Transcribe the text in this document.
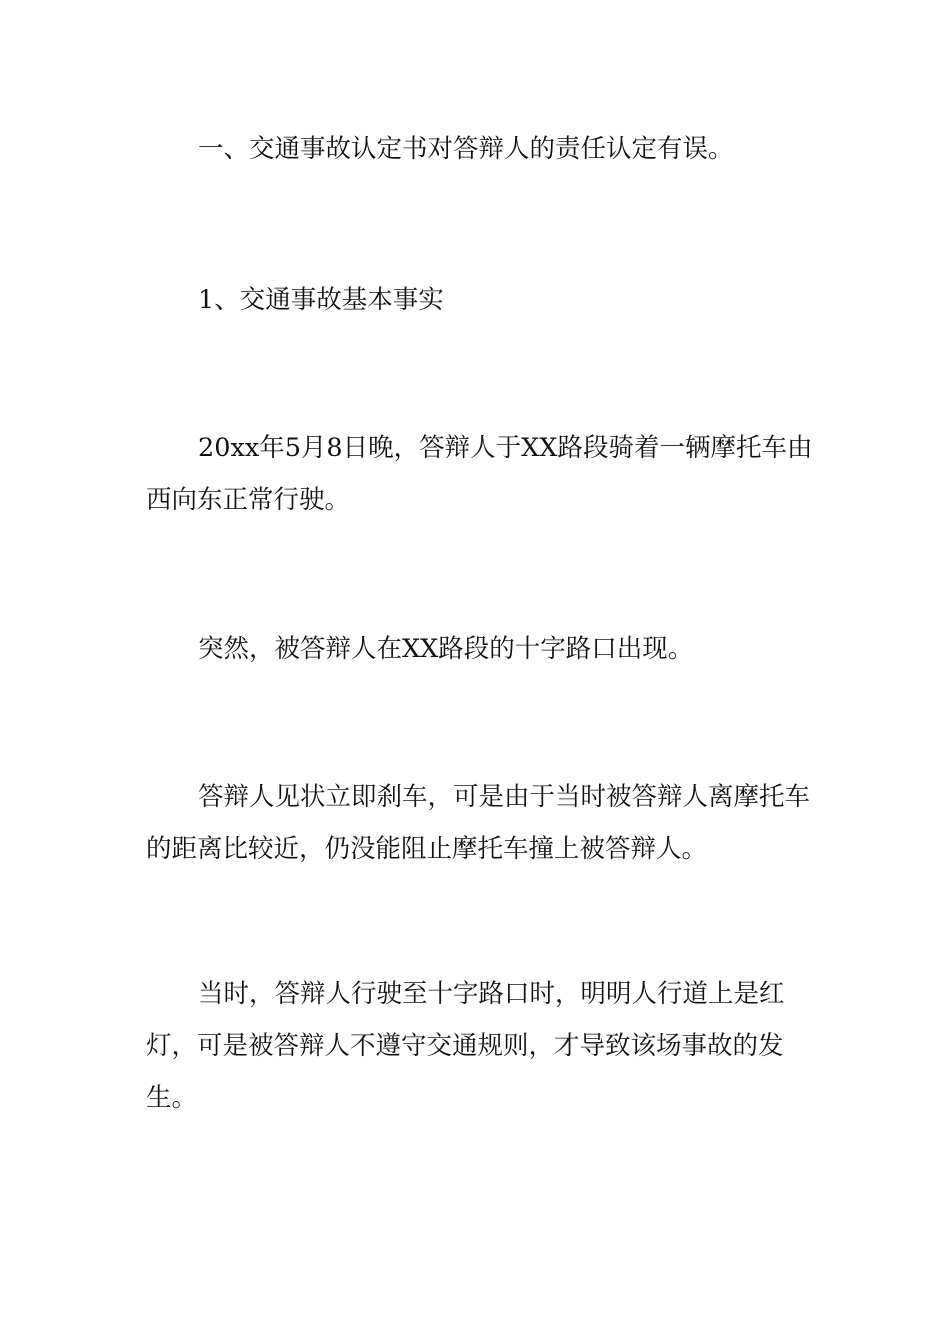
一、交通事故认定书对答辩人的责任认定有误。

1、交通事故基本事实

20xx年5月8日晚，答辩人于XX路段骑着一辆摩托车由西向东正常行驶。

突然，被答辩人在XX路段的十字路口出现。

答辩人见状立即刹车，可是由于当时被答辩人离摩托车的距离比较近，仍没能阻止摩托车撞上被答辩人。

当时，答辩人行驶至十字路口时，明明人行道上是红灯，可是被答辩人不遵守交通规则，才导致该场事故的发生。
